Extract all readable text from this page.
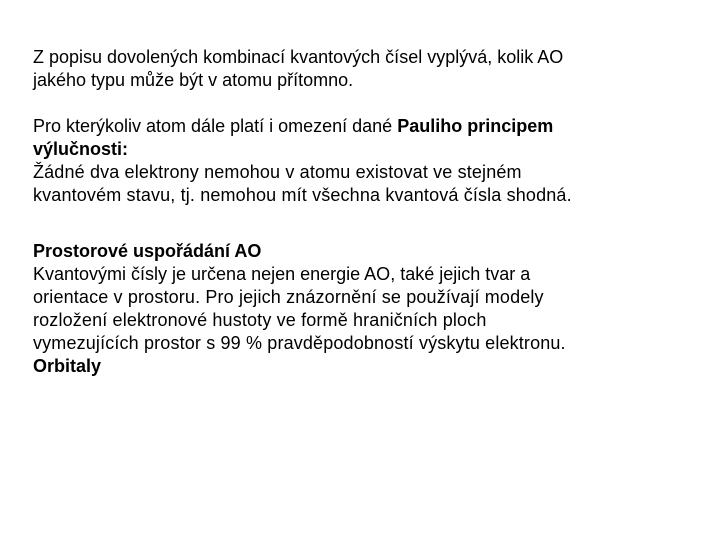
Z popisu dovolených kombinací kvantových čísel vyplývá, kolik AO
jakého typu může být v atomu přítomno.
Pro kterýkoliv atom dále platí i omezení dané Pauliho principem
výlučnosti:
Žádné dva elektrony nemohou v atomu existovat ve stejném
kvantovém stavu, tj. nemohou mít všechna kvantová čísla shodná.
Prostorové uspořádání AO
Kvantovými čísly je určena nejen energie AO, také jejich tvar a
orientace v prostoru. Pro jejich znázornění se používají modely
rozložení elektronové hustoty ve formě hraničních ploch
vymezujících prostor s 99 % pravděpodobností výskytu elektronu.
Orbitaly
